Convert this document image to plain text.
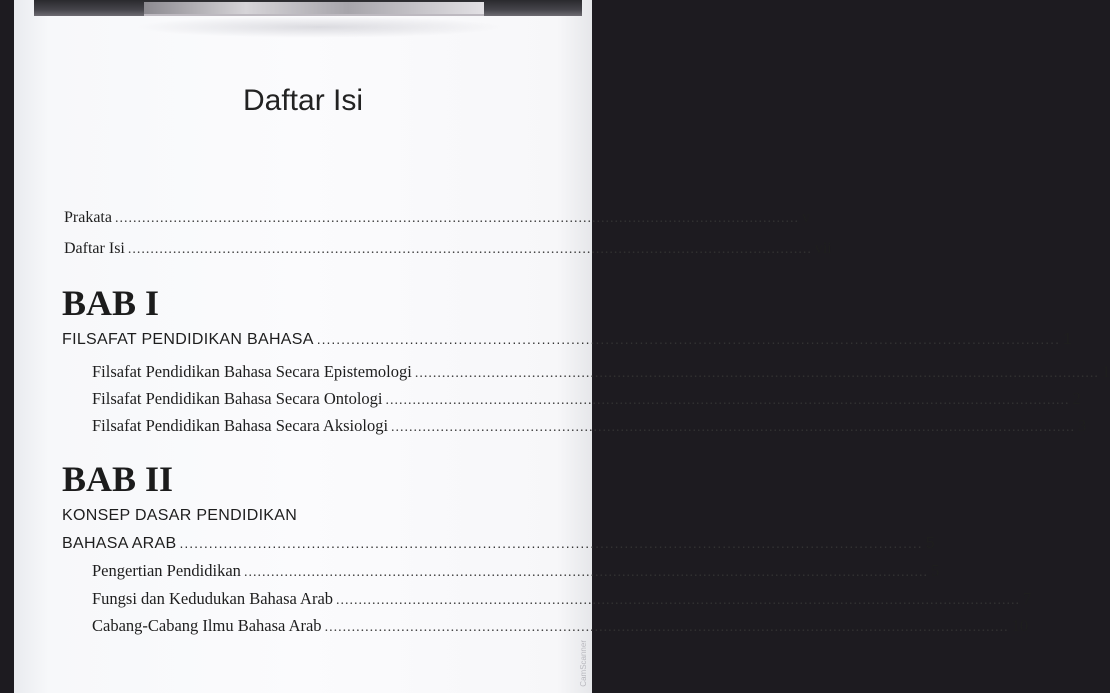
Daftar Isi
Prakata ........................................................................................................................................................ v
Daftar Isi ........................................................................................................................................................ vii
BAB I
FILSAFAT PENDIDIKAN BAHASA ........................................................................................................................................................ 1
Filsafat Pendidikan Bahasa Secara Epistemologi ........................................................................................................................................................ 1
Filsafat Pendidikan Bahasa Secara Ontologi ........................................................................................................................................................ 2
Filsafat Pendidikan Bahasa Secara Aksiologi ........................................................................................................................................................ 3
BAB II
KONSEP DASAR PENDIDIKAN
BAHASA ARAB ........................................................................................................................................................ 5
Pengertian Pendidikan ........................................................................................................................................................ 5
Fungsi dan Kedudukan Bahasa Arab ........................................................................................................................................................ 7
Cabang-Cabang Ilmu Bahasa Arab ........................................................................................................................................................ 10
CamScanner
